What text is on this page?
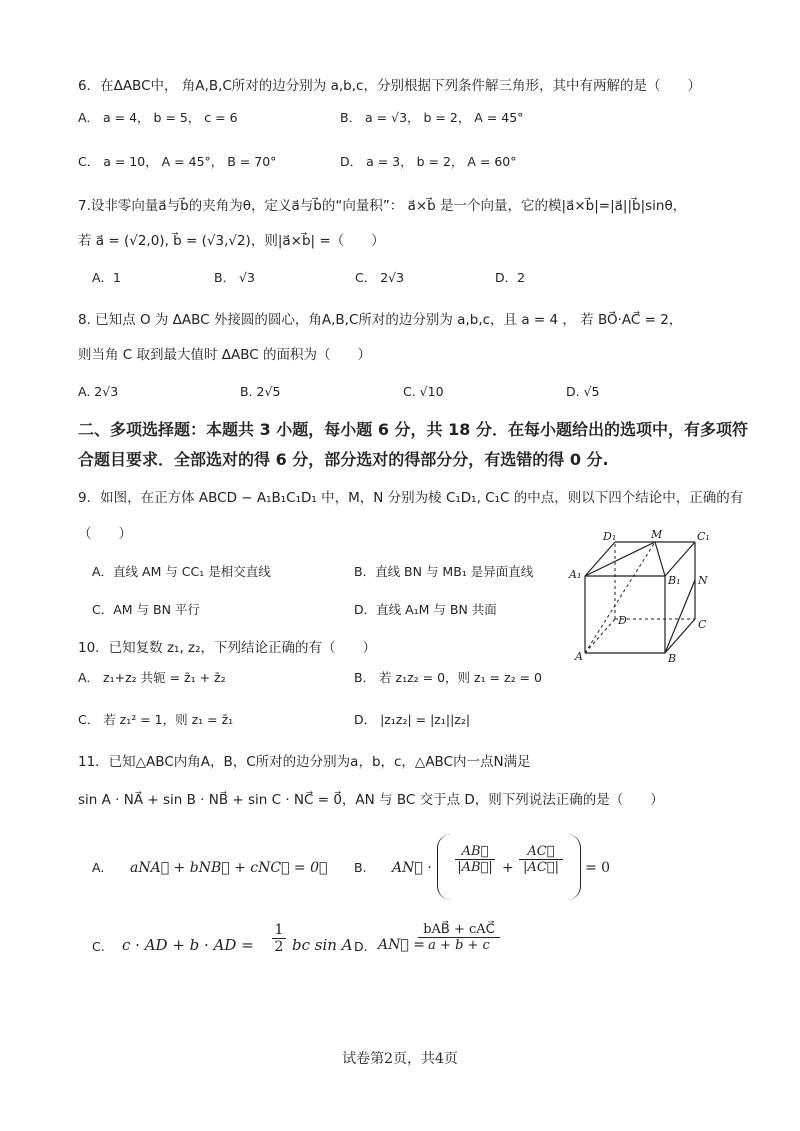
6．在ΔABC中， 角A,B,C所对的边分别为 a,b,c，分别根据下列条件解三角形，其中有两解的是（　　）
A． a = 4， b = 5， c = 6	B． a = √3， b = 2， A = 45°
C． a = 10， A = 45°， B = 70°	D． a = 3， b = 2， A = 60°
7.设非零向量a⃗与b⃗的夹角为θ，定义a⃗与b⃗的“向量积”： a⃗×b⃗ 是一个向量，它的模|a⃗×b⃗|=|a⃗||b⃗|sinθ，
若 a⃗ = (√2,0), b⃗ = (√3,√2)，则|a⃗×b⃗| =（　　）
A．1	B． √3	C． 2√3	D．2
8. 已知点 O 为 ΔABC 外接圆的圆心，角A,B,C所对的边分别为 a,b,c，且 a = 4 ， 若 BO⃗·AC⃗ = 2，
则当角 C 取到最大值时 ΔABC 的面积为（　　）
A. 2√3	B. 2√5	C. √10	D. √5
二、多项选择题：本题共 3 小题，每小题 6 分，共 18 分．在每小题给出的选项中，有多项符
合题目要求．全部选对的得 6 分，部分选对的得部分分，有选错的得 0 分.
9．如图，在正方体 ABCD − A₁B₁C₁D₁ 中，M，N 分别为棱 C₁D₁, C₁C 的中点，则以下四个结论中，正确的有
（　　）
A．直线 AM 与 CC₁ 是相交直线	B．直线 BN 与 MB₁ 是异面直线
C．AM 与 BN 平行	D．直线 A₁M 与 BN 共面
D₁	M	C₁
A₁	B₁ N
D	C
A	B
10．已知复数 z₁, z₂，下列结论正确的有（　　）
A． z₁+z₂ 共轭 = z̄₁ + z̄₂	B． 若 z₁z₂ = 0，则 z₁ = z₂ = 0
C． 若 z₁² = 1，则 z₁ = z̄₁	D． |z₁z₂| = |z₁||z₂|
11．已知△ABC内角A，B，C所对的边分别为a，b，c，△ABC内一点N满足
sin A · NA⃗ + sin B · NB⃗ + sin C · NC⃗ = 0⃗，AN 与 BC 交于点 D，则下列说法正确的是（　　）
A. aNA⃗ + bNB⃗ + cNC⃗ = 0⃗ B. AN⃗ · $\frac{AB⃗}{|AB⃗|} + \frac{AC⃗}{|AC⃗|} = 0$
C. c · AD + b · AD = $\frac{1}{2}$ bc sin A D. AN⃗ =
bAB⃗ + cAC⃗
a + b + c
试卷第2页，共4页
